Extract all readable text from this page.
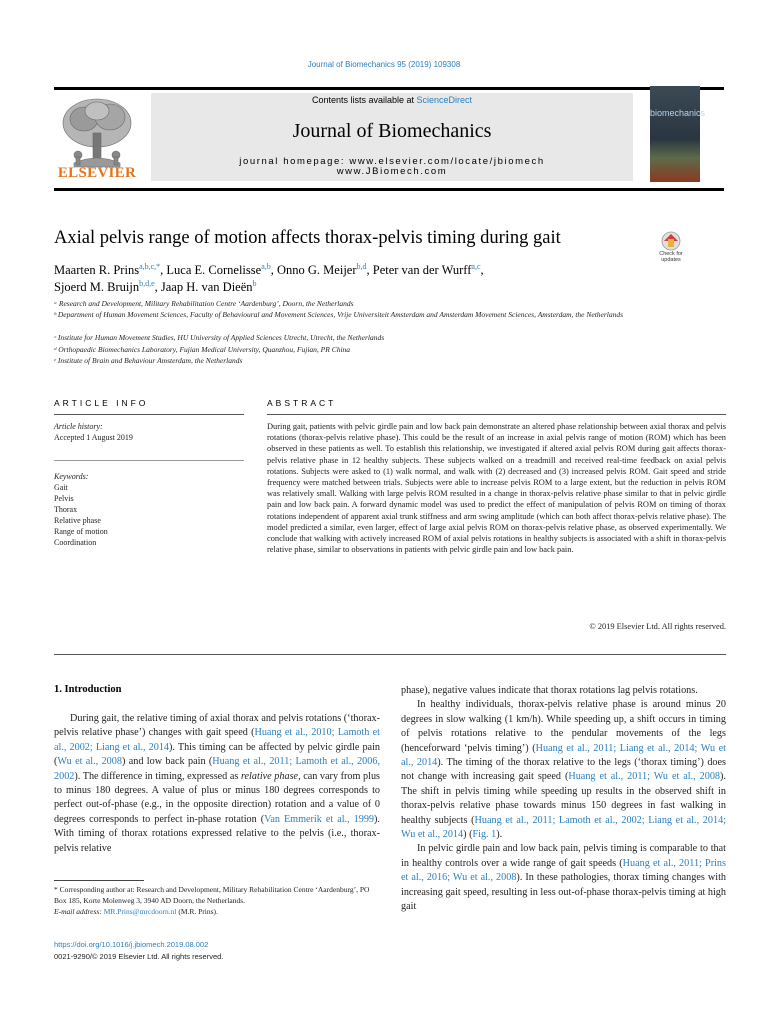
Journal of Biomechanics 95 (2019) 109308
ELSEVIER
Contents lists available at ScienceDirect
Journal of Biomechanics
journal homepage: www.elsevier.com/locate/jbiomech
www.JBiomech.com
biomechanics
Axial pelvis range of motion affects thorax-pelvis timing during gait
Check for updates
Maarten R. Prins$^{a,b,c,*}$, Luca E. Cornelisse$^{a,b}$, Onno G. Meijer$^{b,d}$, Peter van der Wurff$^{a,c}$,
Sjoerd M. Bruijn$^{b,d,e}$, Jaap H. van Dieën$^b$
ᵃ Research and Development, Military Rehabilitation Centre ‘Aardenburg’, Doorn, the Netherlands
ᵇ Department of Human Movement Sciences, Faculty of Behavioural and Movement Sciences, Vrije Universiteit Amsterdam and Amsterdam Movement Sciences, Amsterdam, the Netherlands
ᶜ Institute for Human Movement Studies, HU University of Applied Sciences Utrecht, Utrecht, the Netherlands
ᵈ Orthopaedic Biomechanics Laboratory, Fujian Medical University, Quanzhou, Fujian, PR China
ᵉ Institute of Brain and Behaviour Amsterdam, the Netherlands
ARTICLE INFO	ABSTRACT
Article history:
Accepted 1 August 2019
Keywords:
Gait
Pelvis
Thorax
Relative phase
Range of motion
Coordination
During gait, patients with pelvic girdle pain and low back pain demonstrate an altered phase relationship between axial thorax and pelvis rotations (thorax-pelvis relative phase). This could be the result of an increase in axial pelvis range of motion (ROM) which has been observed in these patients as well. To establish this relationship, we investigated if altered axial pelvis ROM during gait affects thorax-pelvis relative phase in 12 healthy subjects. These subjects walked on a treadmill and received real-time feedback on axial pelvis rotations. Subjects were asked to (1) walk normal, and walk with (2) decreased and (3) increased pelvis ROM. Gait speed and stride frequency were matched between trials. Subjects were able to increase pelvis ROM to a large extent, but the reduction in pelvis ROM was relatively small. Walking with large pelvis ROM resulted in a change in thorax-pelvis relative phase similar to that in pelvic girdle pain and low back pain. A forward dynamic model was used to predict the effect of manipulation of pelvis ROM on timing of thorax rotations independent of apparent axial trunk stiffness and arm swing amplitude (which can both affect thorax-pelvis relative phase). The model predicted a similar, even larger, effect of large axial pelvis ROM on thorax-pelvis relative phase, as observed experimentally. We conclude that walking with actively increased ROM of axial pelvis rotations in healthy subjects is associated with a shift in thorax-pelvis relative phase, similar to observations in patients with pelvic girdle pain and low back pain.
© 2019 Elsevier Ltd. All rights reserved.
1. Introduction

During gait, the relative timing of axial thorax and pelvis rotations (‘thorax-pelvis relative phase’) changes with gait speed (Huang et al., 2010; Lamoth et al., 2002; Liang et al., 2014). This timing can be affected by pelvic girdle pain (Wu et al., 2008) and low back pain (Huang et al., 2011; Lamoth et al., 2006, 2002). The difference in timing, expressed as relative phase, can vary from plus to minus 180 degrees. A value of plus or minus 180 degrees corresponds to perfect out-of-phase (e.g., in the opposite direction) rotation and a value of 0 degrees corresponds to perfect in-phase rotation (Van Emmerik et al., 1999). With timing of thorax rotations expressed relative to the pelvis (i.e., thorax-pelvis relative

phase), negative values indicate that thorax rotations lag pelvis rotations.

In healthy individuals, thorax-pelvis relative phase is around minus 20 degrees in slow walking (1 km/h). While speeding up, a shift occurs in timing of pelvis rotations relative to the pendular movements of the legs (henceforward ‘pelvis timing’) (Huang et al., 2011; Liang et al., 2014; Wu et al., 2014). The timing of the thorax relative to the legs (‘thorax timing’) does not change with increasing gait speed (Huang et al., 2011; Wu et al., 2008). The shift in pelvis timing while speeding up results in the observed shift in thorax-pelvis relative phase towards minus 150 degrees in fast walking in healthy subjects (Huang et al., 2011; Lamoth et al., 2002; Liang et al., 2014; Wu et al., 2014) (Fig. 1).

In pelvic girdle pain and low back pain, pelvis timing is comparable to that in healthy controls over a wide range of gait speeds (Huang et al., 2011; Prins et al., 2016; Wu et al., 2008). In these pathologies, thorax timing changes with increasing gait speed, resulting in less out-of-phase thorax-pelvis timing at high gait

* Corresponding author at: Research and Development, Military Rehabilitation Centre ‘Aardenburg’, PO Box 185, Korte Molenweg 3, 3940 AD Doorn, the Netherlands.
E-mail address: MR.Prins@mrcdoorn.nl (M.R. Prins).
https://doi.org/10.1016/j.jbiomech.2019.08.002
0021-9290/© 2019 Elsevier Ltd. All rights reserved.
